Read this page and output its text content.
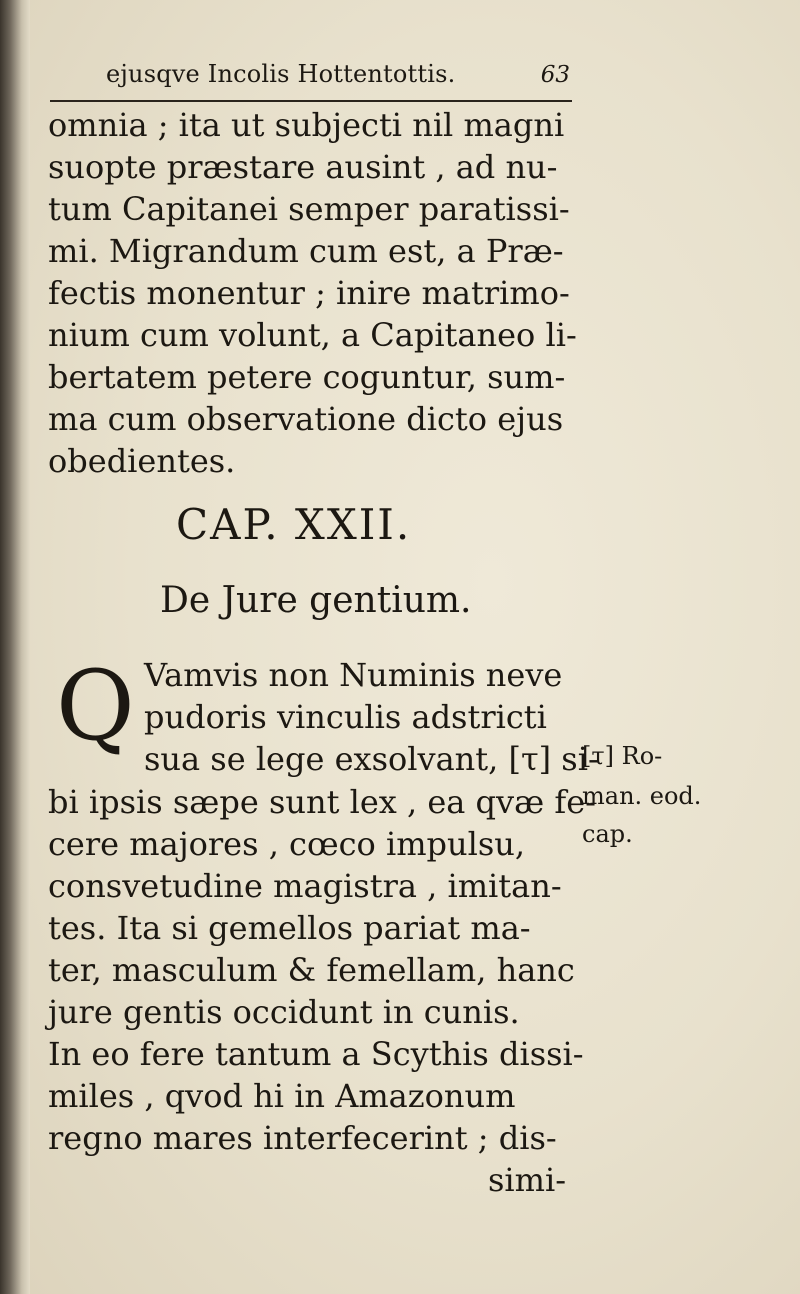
ejusqve Incolis Hottentottis.	63
omnia ; ita ut subjecti nil magni
suopte præstare ausint , ad nu-
tum Capitanei semper paratissi-
mi. Migrandum cum est, a Præ-
fectis monentur ; inire matrimo-
nium cum volunt, a Capitaneo li-
bertatem petere coguntur, sum-
ma cum observatione dicto ejus
obedientes.
CAP. XXII.
De Jure gentium.
Q Vamvis non Numinis neve
pudoris vinculis adstricti
sua se lege exsolvant, [τ] si-
bi ipsis sæpe sunt lex , ea qvæ fe-
cere majores , cœco impulsu,
consvetudine magistra , imitan-
tes. Ita si gemellos pariat ma-
ter, masculum & femellam, hanc
jure gentis occidunt in cunis.
In eo fere tantum a Scythis dissi-
miles , qvod hi in Amazonum
regno mares interfecerint ; dis-
simi-
[τ] Ro-
man. eod.
cap.
